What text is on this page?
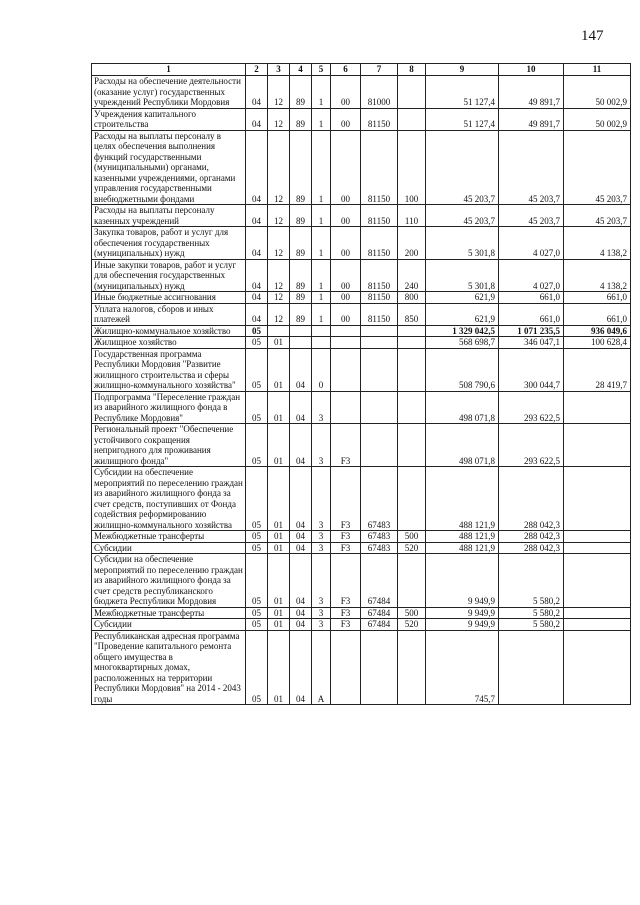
147
1	2	3	4	5	6	7	8	9	10	11
Расходы на обеспечение деятельности (оказание услуг) государственных учреждений Республики Мордовия	04	12	89	1	00	81000		51 127,4	49 891,7	50 002,9
Учреждения капитального строительства	04	12	89	1	00	81150		51 127,4	49 891,7	50 002,9
Расходы на выплаты персоналу в целях обеспечения выполнения функций государственными (муниципальными) органами, казенными учреждениями, органами управления государственными внебюджетными фондами	04	12	89	1	00	81150	100	45 203,7	45 203,7	45 203,7
Расходы на выплаты персоналу казенных учреждений	04	12	89	1	00	81150	110	45 203,7	45 203,7	45 203,7
Закупка товаров, работ и услуг для обеспечения государственных (муниципальных) нужд	04	12	89	1	00	81150	200	5 301,8	4 027,0	4 138,2
Иные закупки товаров, работ и услуг для обеспечения государственных (муниципальных) нужд	04	12	89	1	00	81150	240	5 301,8	4 027,0	4 138,2
Иные бюджетные ассигнования	04	12	89	1	00	81150	800	621,9	661,0	661,0
Уплата налогов, сборов и иных платежей	04	12	89	1	00	81150	850	621,9	661,0	661,0
Жилищно-коммунальное хозяйство	05							1 329 042,5	1 071 235,5	936 049,6
Жилищное хозяйство	05	01						568 698,7	346 047,1	100 628,4
Государственная программа Республики Мордовия "Развитие жилищного строительства и сферы жилищно-коммунального хозяйства"	05	01	04	0				508 790,6	300 044,7	28 419,7
Подпрограмма "Переселение граждан из аварийного жилищного фонда в Республике Мордовия"	05	01	04	3				498 071,8	293 622,5	
Региональный проект "Обеспечение устойчивого сокращения непригодного для проживания жилищного фонда"	05	01	04	3	F3			498 071,8	293 622,5	
Субсидии на обеспечение мероприятий по переселению граждан из аварийного жилищного фонда за счет средств, поступивших от Фонда содействия реформированию жилищно-коммунального хозяйства	05	01	04	3	F3	67483		488 121,9	288 042,3	
Межбюджетные трансферты	05	01	04	3	F3	67483	500	488 121,9	288 042,3	
Субсидии	05	01	04	3	F3	67483	520	488 121,9	288 042,3	
Субсидии на обеспечение мероприятий по переселению граждан из аварийного жилищного фонда за счет средств республиканского бюджета Республики Мордовия	05	01	04	3	F3	67484		9 949,9	5 580,2	
Межбюджетные трансферты	05	01	04	3	F3	67484	500	9 949,9	5 580,2	
Субсидии	05	01	04	3	F3	67484	520	9 949,9	5 580,2	
Республиканская адресная программа "Проведение капитального ремонта общего имущества в многоквартирных домах, расположенных на территории Республики Мордовия" на 2014 - 2043 годы	05	01	04	A				745,7		
